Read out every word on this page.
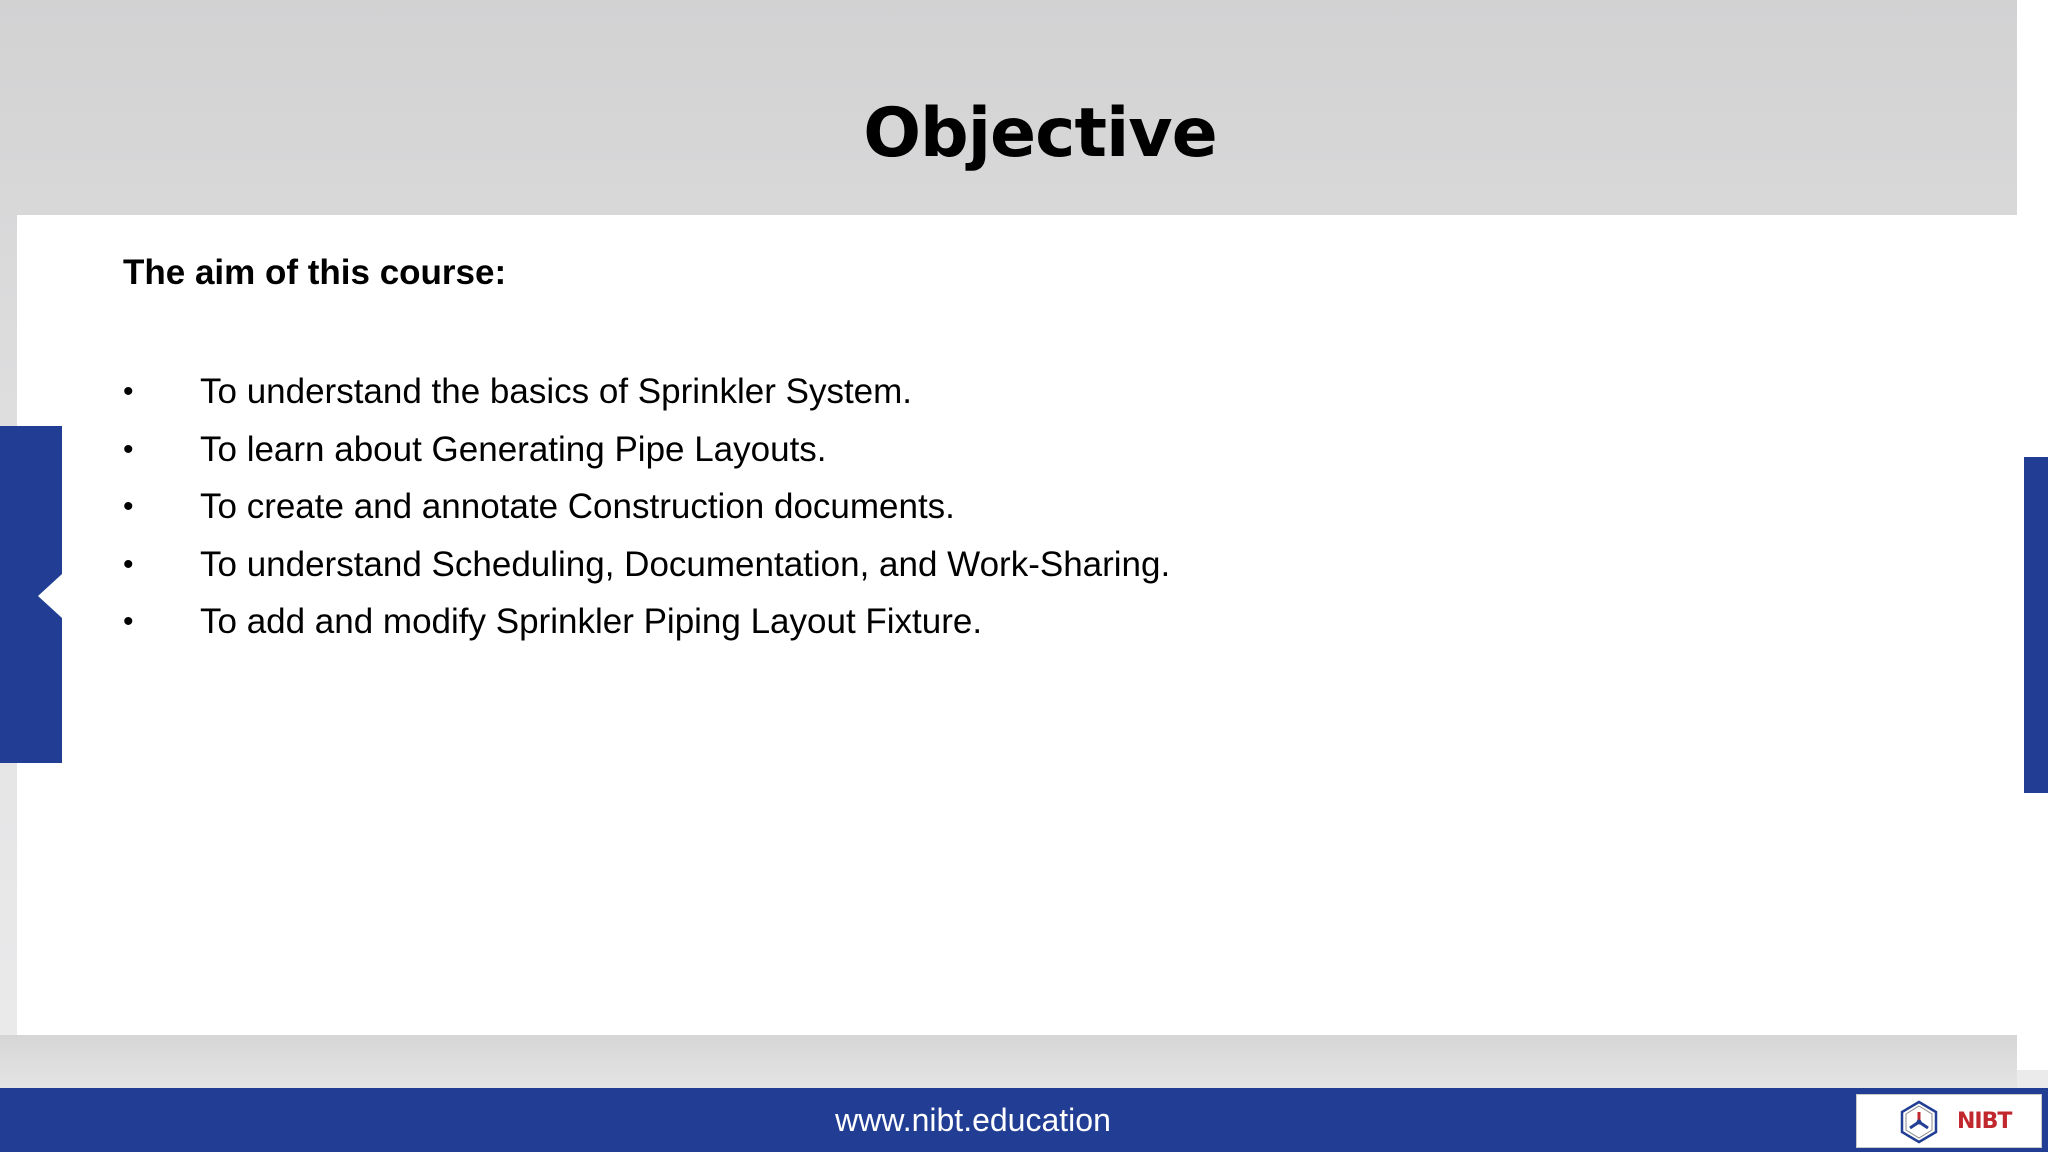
Objective

The aim of this course:

• To understand the basics of Sprinkler System.
• To learn about Generating Pipe Layouts.
• To create and annotate Construction documents.
• To understand Scheduling, Documentation, and Work-Sharing.
• To add and modify Sprinkler Piping Layout Fixture.
www.nibt.education	NIBT
